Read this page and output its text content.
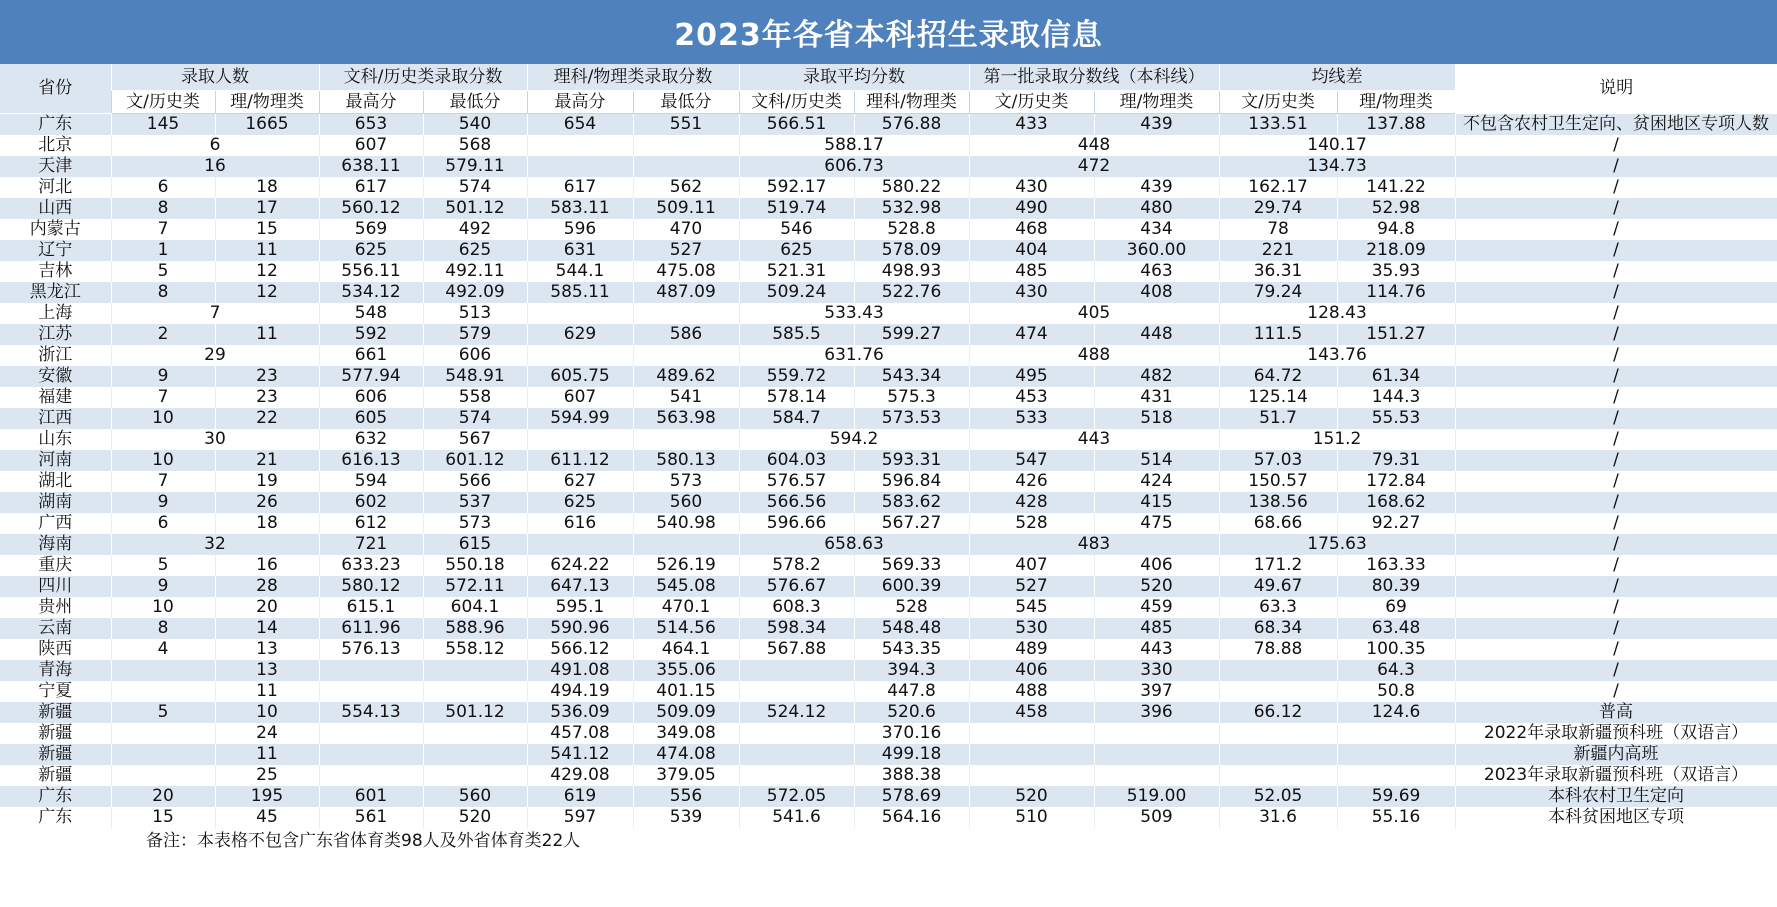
2023年各省本科招生录取信息
省份	录取人数		文科/历史类录取分数		理科/物理类录取分数		录取平均分数		第一批录取分数线（本科线）		均线差		说明
	文/历史类	理/物理类	最高分	最低分	最高分	最低分	文科/历史类	理科/物理类	文/历史类	理/物理类	文/历史类	理/物理类	
广东	145	1665	653	540	654	551	566.51	576.88	433	439	133.51	137.88	不包含农村卫生定向、贫困地区专项人数
北京	6		607	568			588.17		448		140.17		/
天津	16		638.11	579.11			606.73		472		134.73		/
河北	6	18	617	574	617	562	592.17	580.22	430	439	162.17	141.22	/
山西	8	17	560.12	501.12	583.11	509.11	519.74	532.98	490	480	29.74	52.98	/
内蒙古	7	15	569	492	596	470	546	528.8	468	434	78	94.8	/
辽宁	1	11	625	625	631	527	625	578.09	404	360.00	221	218.09	/
吉林	5	12	556.11	492.11	544.1	475.08	521.31	498.93	485	463	36.31	35.93	/
黑龙江	8	12	534.12	492.09	585.11	487.09	509.24	522.76	430	408	79.24	114.76	/
上海	7		548	513			533.43		405		128.43		/
江苏	2	11	592	579	629	586	585.5	599.27	474	448	111.5	151.27	/
浙江	29		661	606			631.76		488		143.76		/
安徽	9	23	577.94	548.91	605.75	489.62	559.72	543.34	495	482	64.72	61.34	/
福建	7	23	606	558	607	541	578.14	575.3	453	431	125.14	144.3	/
江西	10	22	605	574	594.99	563.98	584.7	573.53	533	518	51.7	55.53	/
山东	30		632	567			594.2		443		151.2		/
河南	10	21	616.13	601.12	611.12	580.13	604.03	593.31	547	514	57.03	79.31	/
湖北	7	19	594	566	627	573	576.57	596.84	426	424	150.57	172.84	/
湖南	9	26	602	537	625	560	566.56	583.62	428	415	138.56	168.62	/
广西	6	18	612	573	616	540.98	596.66	567.27	528	475	68.66	92.27	/
海南	32		721	615			658.63		483		175.63		/
重庆	5	16	633.23	550.18	624.22	526.19	578.2	569.33	407	406	171.2	163.33	/
四川	9	28	580.12	572.11	647.13	545.08	576.67	600.39	527	520	49.67	80.39	/
贵州	10	20	615.1	604.1	595.1	470.1	608.3	528	545	459	63.3	69	/
云南	8	14	611.96	588.96	590.96	514.56	598.34	548.48	530	485	68.34	63.48	/
陕西	4	13	576.13	558.12	566.12	464.1	567.88	543.35	489	443	78.88	100.35	/
青海		13			491.08	355.06		394.3	406	330		64.3	/
宁夏		11			494.19	401.15		447.8	488	397		50.8	/
新疆	5	10	554.13	501.12	536.09	509.09	524.12	520.6	458	396	66.12	124.6	普高
新疆		24			457.08	349.08		370.16					2022年录取新疆预科班（双语言）
新疆		11			541.12	474.08		499.18					新疆内高班
新疆		25			429.08	379.05		388.38					2023年录取新疆预科班（双语言）
广东	20	195	601	560	619	556	572.05	578.69	520	519.00	52.05	59.69	本科农村卫生定向
广东	15	45	561	520	597	539	541.6	564.16	510	509	31.6	55.16	本科贫困地区专项
备注：本表格不包含广东省体育类98人及外省体育类22人
